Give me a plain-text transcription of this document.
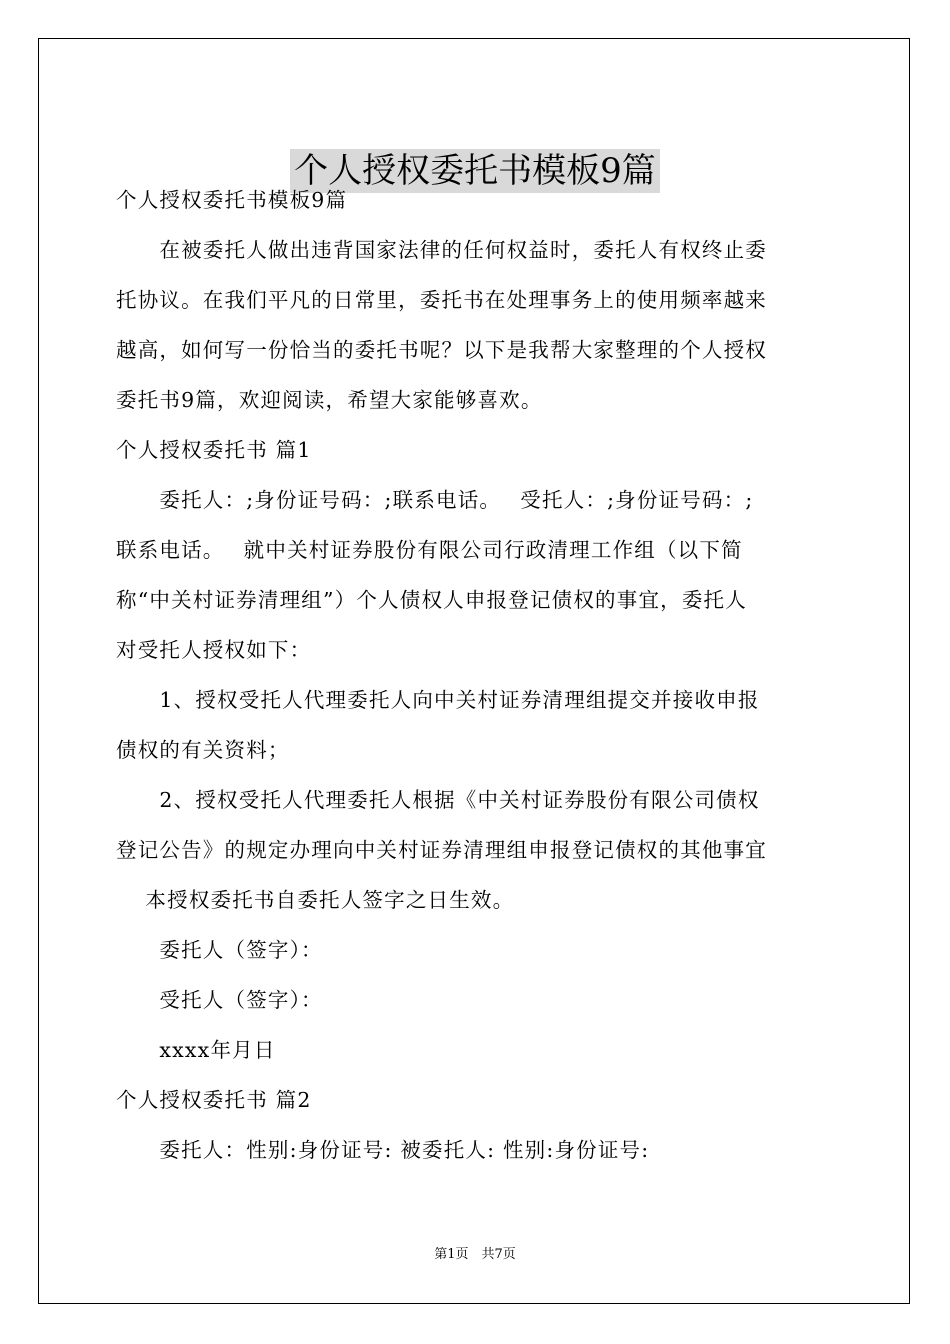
个人授权委托书模板9篇
个人授权委托书模板9篇
　　在被委托人做出违背国家法律的任何权益时，委托人有权终止委
托协议。在我们平凡的日常里，委托书在处理事务上的使用频率越来
越高，如何写一份恰当的委托书呢？以下是我帮大家整理的个人授权
委托书9篇，欢迎阅读，希望大家能够喜欢。
个人授权委托书 篇1
　　委托人：;身份证号码：;联系电话。　 受托人：;身份证号码：;
联系电话。　 就中关村证券股份有限公司行政清理工作组（以下简
称“中关村证券清理组”）个人债权人申报登记债权的事宜，委托人
对受托人授权如下：
　　1、授权受托人代理委托人向中关村证券清理组提交并接收申报
债权的有关资料；
　　2、授权受托人代理委托人根据《中关村证券股份有限公司债权
登记公告》的规定办理向中关村证券清理组申报登记债权的其他事宜
　 本授权委托书自委托人签字之日生效。
　　委托人（签字）：
　　受托人（签字）：
　　xxxx年月日
个人授权委托书 篇2
　　委托人：性别:身份证号: 被委托人: 性别:身份证号:
第1页　共7页
